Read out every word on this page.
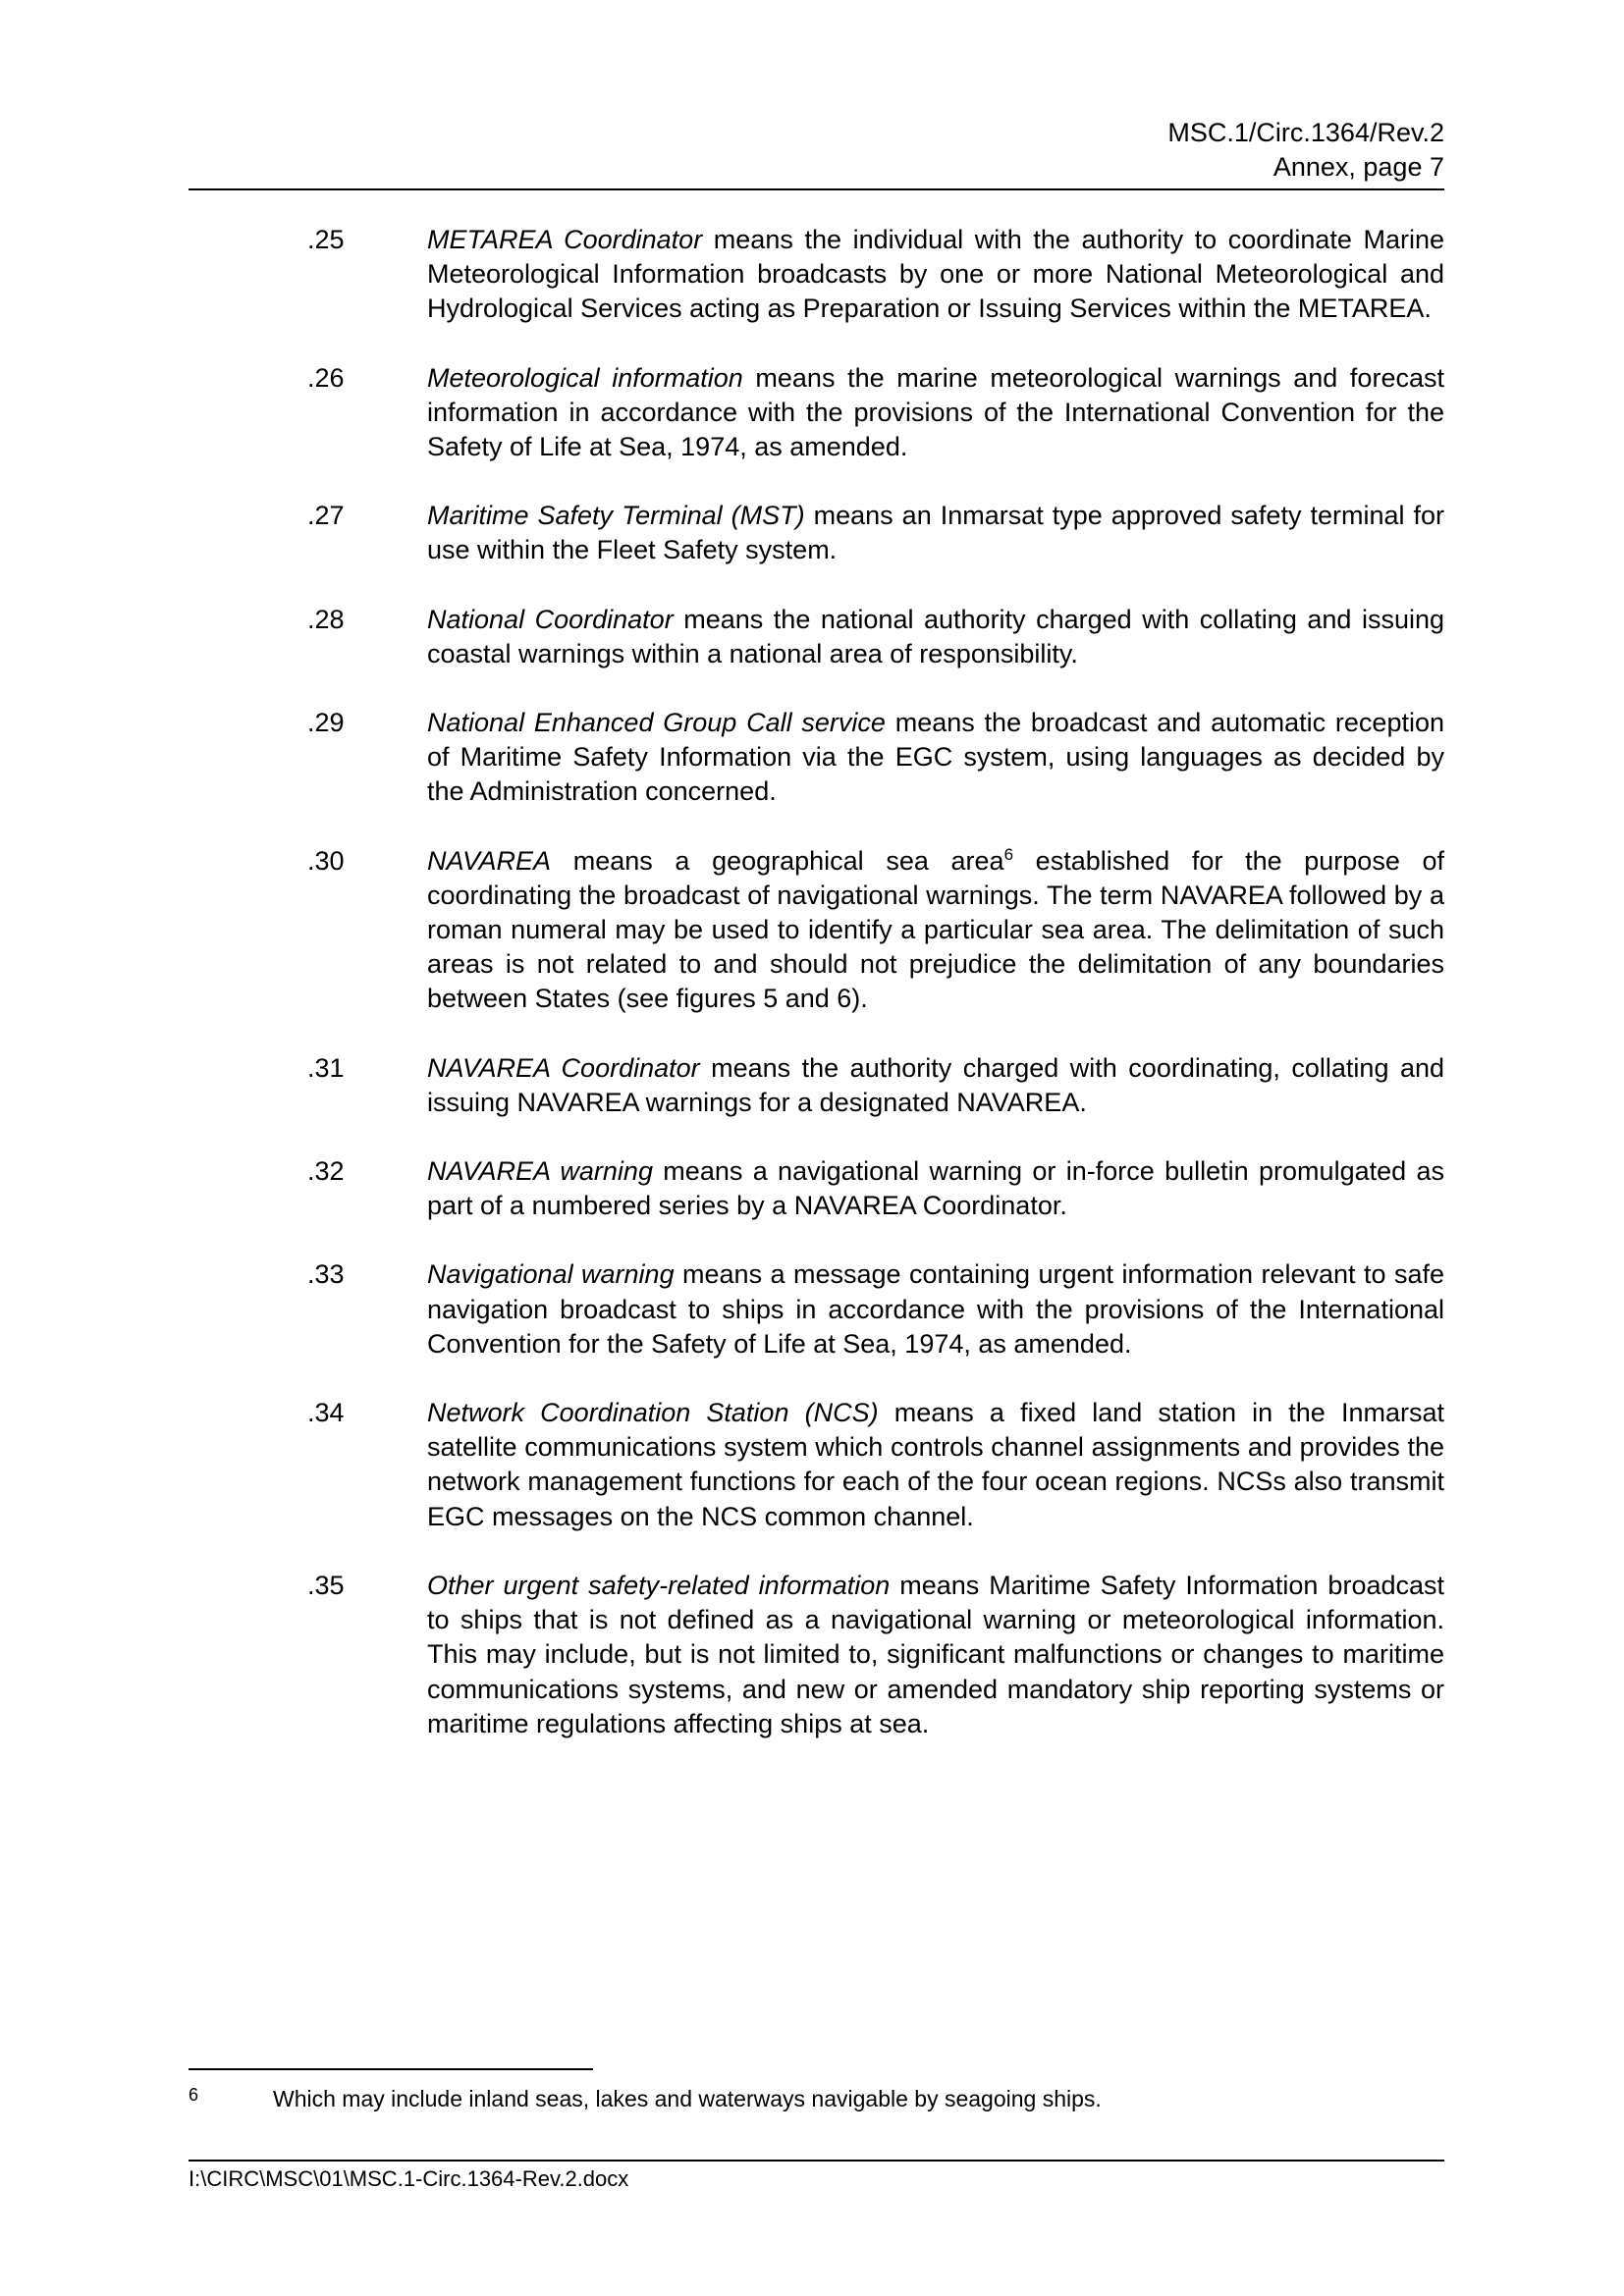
MSC.1/Circ.1364/Rev.2
Annex, page 7
.25	METAREA Coordinator means the individual with the authority to coordinate Marine Meteorological Information broadcasts by one or more National Meteorological and Hydrological Services acting as Preparation or Issuing Services within the METAREA.
.26	Meteorological information means the marine meteorological warnings and forecast information in accordance with the provisions of the International Convention for the Safety of Life at Sea, 1974, as amended.
.27	Maritime Safety Terminal (MST) means an Inmarsat type approved safety terminal for use within the Fleet Safety system.
.28	National Coordinator means the national authority charged with collating and issuing coastal warnings within a national area of responsibility.
.29	National Enhanced Group Call service means the broadcast and automatic reception of Maritime Safety Information via the EGC system, using languages as decided by the Administration concerned.
.30	NAVAREA means a geographical sea area$^6$ established for the purpose of coordinating the broadcast of navigational warnings. The term NAVAREA followed by a roman numeral may be used to identify a particular sea area. The delimitation of such areas is not related to and should not prejudice the delimitation of any boundaries between States (see figures 5 and 6).
.31	NAVAREA Coordinator means the authority charged with coordinating, collating and issuing NAVAREA warnings for a designated NAVAREA.
.32	NAVAREA warning means a navigational warning or in-force bulletin promulgated as part of a numbered series by a NAVAREA Coordinator.
.33	Navigational warning means a message containing urgent information relevant to safe navigation broadcast to ships in accordance with the provisions of the International Convention for the Safety of Life at Sea, 1974, as amended.
.34	Network Coordination Station (NCS) means a fixed land station in the Inmarsat satellite communications system which controls channel assignments and provides the network management functions for each of the four ocean regions. NCSs also transmit EGC messages on the NCS common channel.
.35	Other urgent safety-related information means Maritime Safety Information broadcast to ships that is not defined as a navigational warning or meteorological information. This may include, but is not limited to, significant malfunctions or changes to maritime communications systems, and new or amended mandatory ship reporting systems or maritime regulations affecting ships at sea.
6	Which may include inland seas, lakes and waterways navigable by seagoing ships.
I:\CIRC\MSC\01\MSC.1-Circ.1364-Rev.2.docx
